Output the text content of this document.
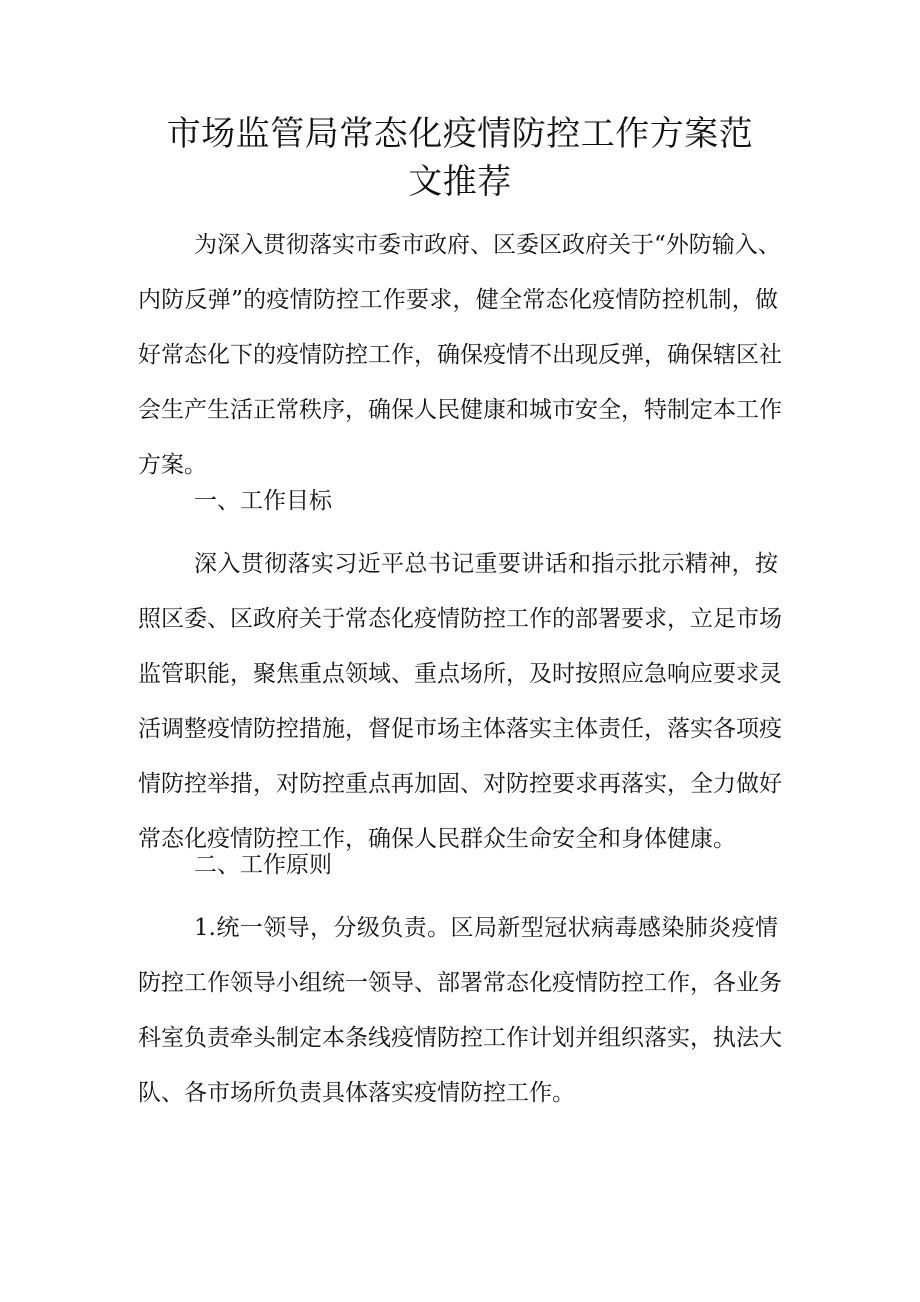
市场监管局常态化疫情防控工作方案范
文推荐
为深入贯彻落实市委市政府、区委区政府关于“外防输入、
内防反弹”的疫情防控工作要求，健全常态化疫情防控机制，做
好常态化下的疫情防控工作，确保疫情不出现反弹，确保辖区社
会生产生活正常秩序，确保人民健康和城市安全，特制定本工作
方案。
一、工作目标
深入贯彻落实习近平总书记重要讲话和指示批示精神，按
照区委、区政府关于常态化疫情防控工作的部署要求，立足市场
监管职能，聚焦重点领域、重点场所，及时按照应急响应要求灵
活调整疫情防控措施，督促市场主体落实主体责任，落实各项疫
情防控举措，对防控重点再加固、对防控要求再落实，全力做好
常态化疫情防控工作，确保人民群众生命安全和身体健康。
二、工作原则
1.统一领导，分级负责。区局新型冠状病毒感染肺炎疫情
防控工作领导小组统一领导、部署常态化疫情防控工作，各业务
科室负责牵头制定本条线疫情防控工作计划并组织落实，执法大
队、各市场所负责具体落实疫情防控工作。
